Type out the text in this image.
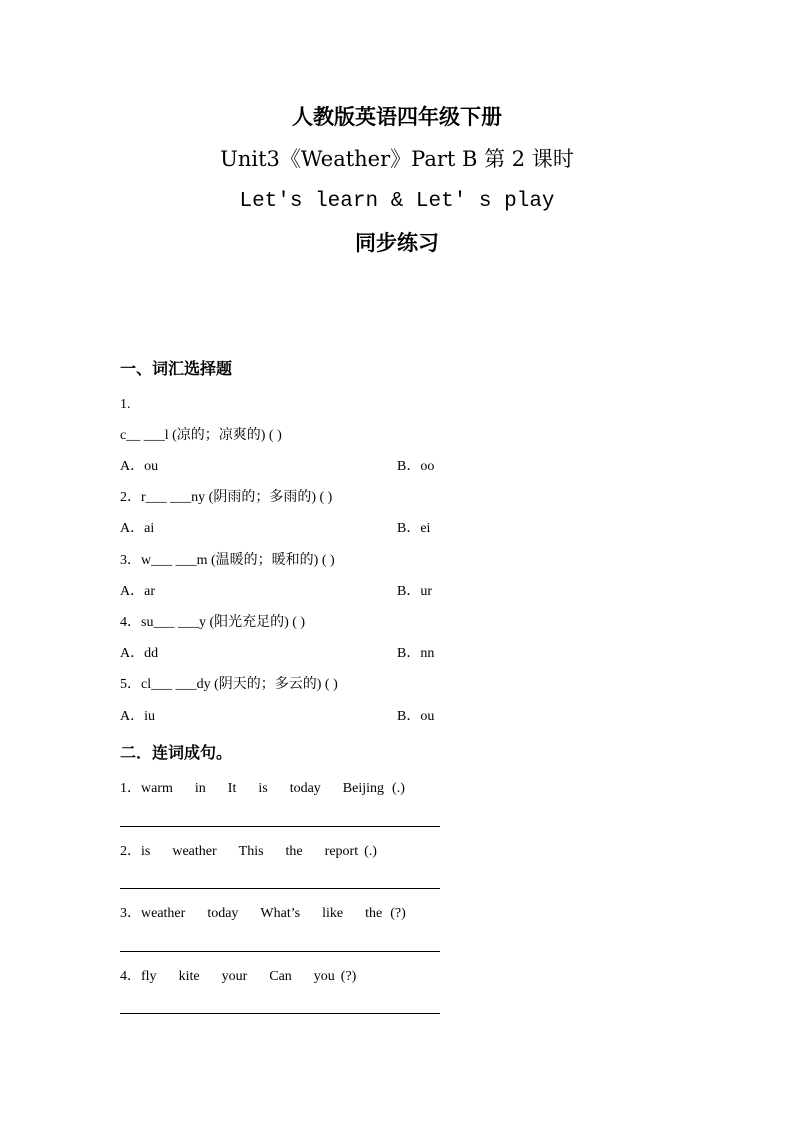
人教版英语四年级下册
Unit3《Weather》Part B 第 2 课时
Let's learn & Let' s play
同步练习
一、词汇选择题
1.
c__ ___l (凉的；凉爽的) ( )
A．ou	B．oo
2．r___ ___ny (阴雨的；多雨的) ( )
A．ai	B．ei
3．w___ ___m (温暖的；暖和的) ( )
A．ar	B．ur
4．su___ ___y (阳光充足的) ( )
A．dd	B．nn
5．cl___ ___dy (阴天的；多云的) ( )
A．iu	B．ou
二．连词成句。
1．warm in It is today Beijing (.)
2．is weather This the report (.)
3．weather today What’s like the (?)
4．fly kite your Can you (?)
